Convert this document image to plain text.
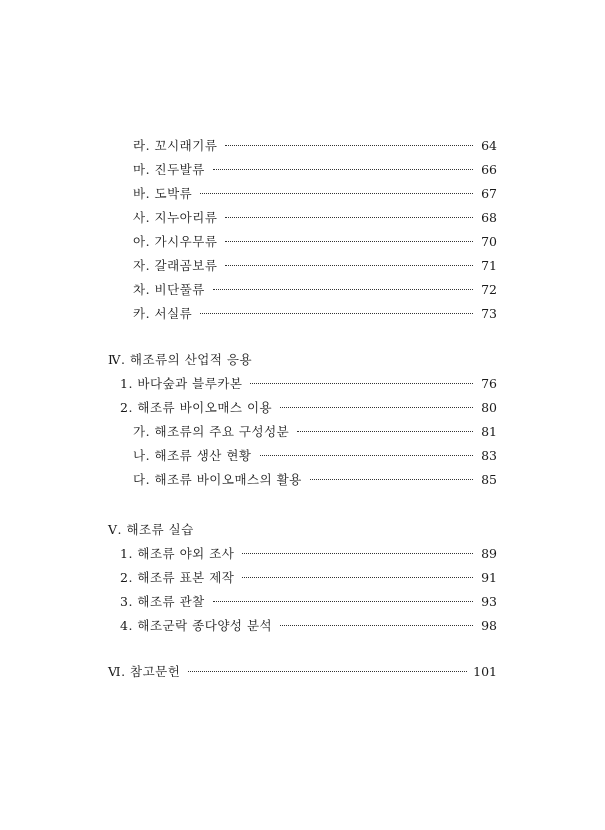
라. 꼬시래기류	64
마. 진두발류	66
바. 도박류	67
사. 지누아리류	68
아. 가시우무류	70
자. 갈래곰보류	71
차. 비단풀류	72
카. 서실류	73
Ⅳ. 해조류의 산업적 응용
1. 바다숲과 블루카본	76
2. 해조류 바이오매스 이용	80
가. 해조류의 주요 구성성분	81
나. 해조류 생산 현황	83
다. 해조류 바이오매스의 활용	85
Ⅴ. 해조류 실습
1. 해조류 야외 조사	89
2. 해조류 표본 제작	91
3. 해조류 관찰	93
4. 해조군락 종다양성 분석	98
Ⅵ. 참고문헌	101
